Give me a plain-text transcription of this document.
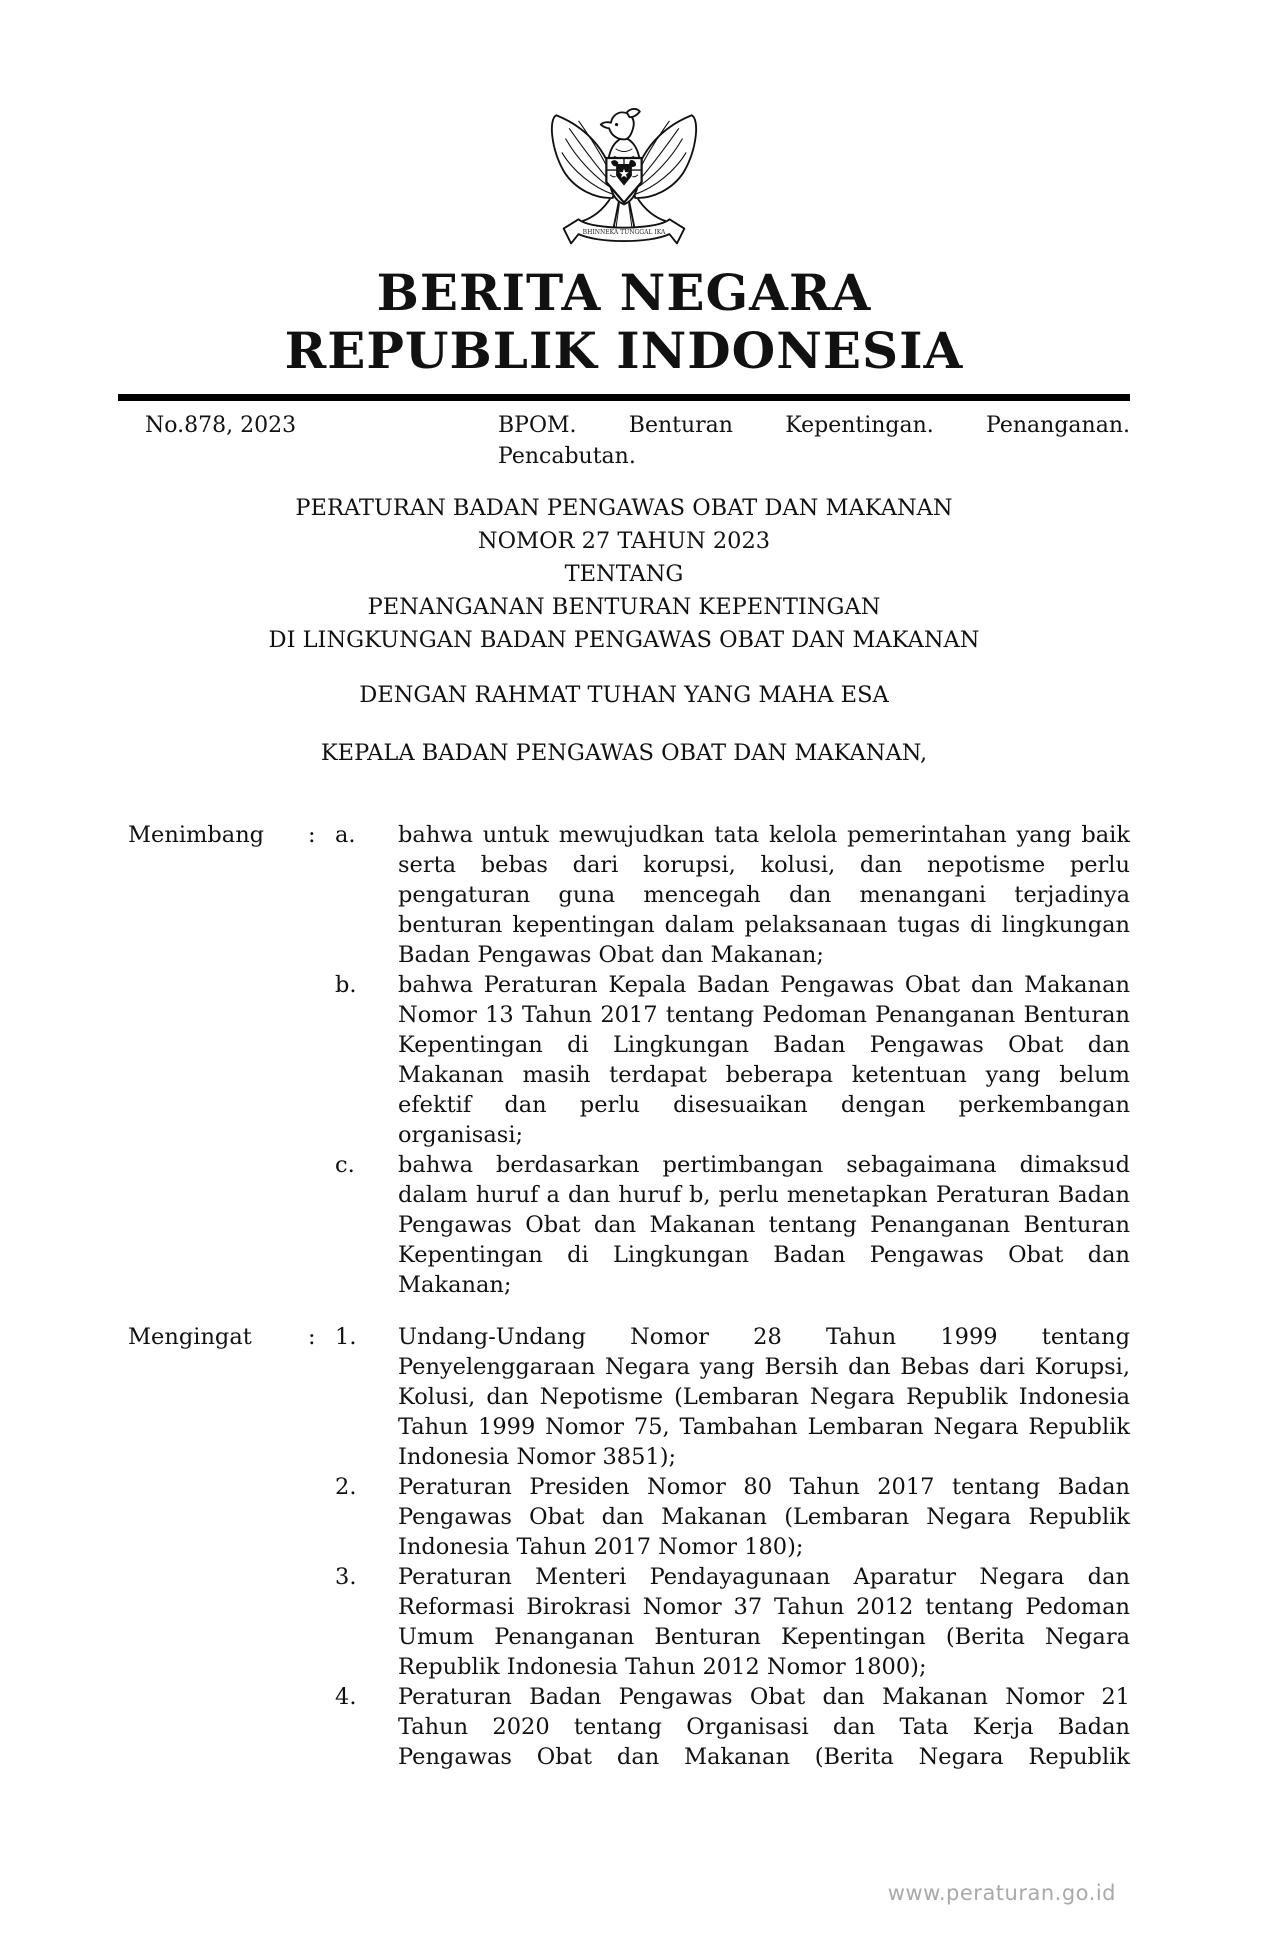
BHINNEKA TUNGGAL IKA
BERITA NEGARA
REPUBLIK INDONESIA
No.878, 2023	BPOM. Benturan Kepentingan. Penanganan.
Pencabutan.
PERATURAN BADAN PENGAWAS OBAT DAN MAKANAN
NOMOR 27 TAHUN 2023
TENTANG
PENANGANAN BENTURAN KEPENTINGAN
DI LINGKUNGAN BADAN PENGAWAS OBAT DAN MAKANAN
DENGAN RAHMAT TUHAN YANG MAHA ESA
KEPALA BADAN PENGAWAS OBAT DAN MAKANAN,
Menimbang	: a.	bahwa untuk mewujudkan tata kelola pemerintahan yang baik serta bebas dari korupsi, kolusi, dan nepotisme perlu pengaturan guna mencegah dan menangani terjadinya benturan kepentingan dalam pelaksanaan tugas di lingkungan Badan Pengawas Obat dan Makanan;
b.	bahwa Peraturan Kepala Badan Pengawas Obat dan Makanan Nomor 13 Tahun 2017 tentang Pedoman Penanganan Benturan Kepentingan di Lingkungan Badan Pengawas Obat dan Makanan masih terdapat beberapa ketentuan yang belum efektif dan perlu disesuaikan dengan perkembangan organisasi;
c.	bahwa berdasarkan pertimbangan sebagaimana dimaksud dalam huruf a dan huruf b, perlu menetapkan Peraturan Badan Pengawas Obat dan Makanan tentang Penanganan Benturan Kepentingan di Lingkungan Badan Pengawas Obat dan Makanan;
Mengingat	: 1.	Undang-Undang Nomor 28 Tahun 1999 tentang Penyelenggaraan Negara yang Bersih dan Bebas dari Korupsi, Kolusi, dan Nepotisme (Lembaran Negara Republik Indonesia Tahun 1999 Nomor 75, Tambahan Lembaran Negara Republik Indonesia Nomor 3851);
2.	Peraturan Presiden Nomor 80 Tahun 2017 tentang Badan Pengawas Obat dan Makanan (Lembaran Negara Republik Indonesia Tahun 2017 Nomor 180);
3.	Peraturan Menteri Pendayagunaan Aparatur Negara dan Reformasi Birokrasi Nomor 37 Tahun 2012 tentang Pedoman Umum Penanganan Benturan Kepentingan (Berita Negara Republik Indonesia Tahun 2012 Nomor 1800);
4.	Peraturan Badan Pengawas Obat dan Makanan Nomor 21 Tahun 2020 tentang Organisasi dan Tata Kerja Badan Pengawas Obat dan Makanan (Berita Negara Republik
www.peraturan.go.id
